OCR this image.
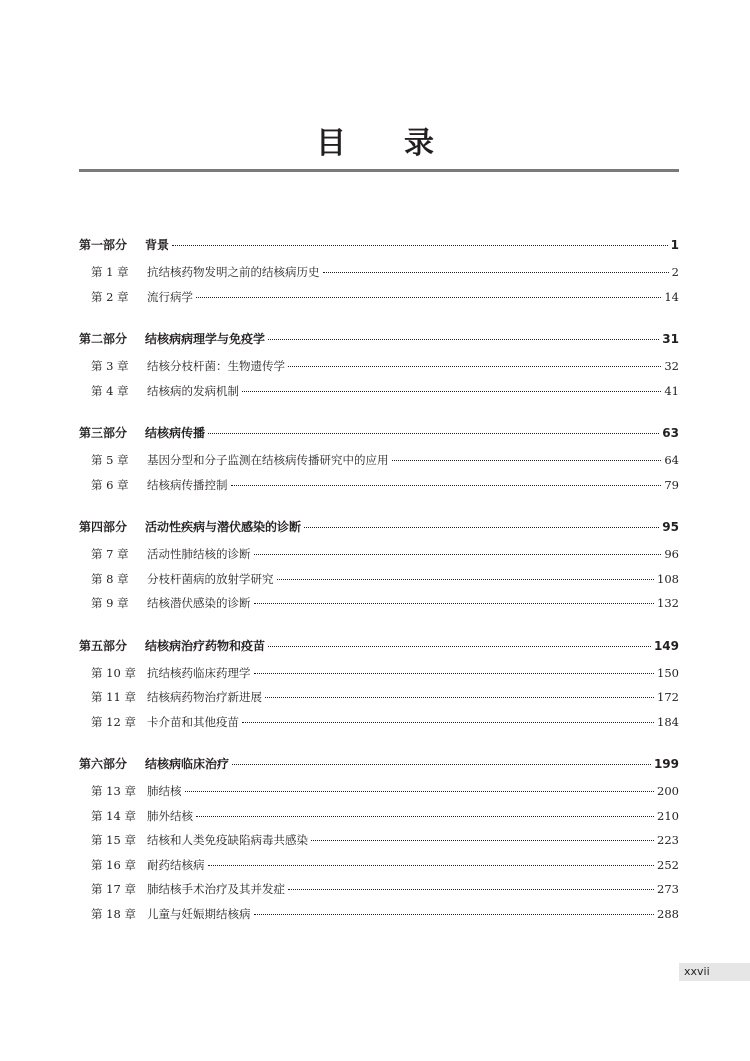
目录
第一部分	背景	1
第 1 章	抗结核药物发明之前的结核病历史	2
第 2 章	流行病学	14
第二部分	结核病病理学与免疫学	31
第 3 章	结核分枝杆菌：生物遗传学	32
第 4 章	结核病的发病机制	41
第三部分	结核病传播	63
第 5 章	基因分型和分子监测在结核病传播研究中的应用	64
第 6 章	结核病传播控制	79
第四部分	活动性疾病与潜伏感染的诊断	95
第 7 章	活动性肺结核的诊断	96
第 8 章	分枝杆菌病的放射学研究	108
第 9 章	结核潜伏感染的诊断	132
第五部分	结核病治疗药物和疫苗	149
第 10 章 抗结核药临床药理学	150
第 11 章 结核病药物治疗新进展	172
第 12 章 卡介苗和其他疫苗	184
第六部分	结核病临床治疗	199
第 13 章 肺结核	200
第 14 章 肺外结核	210
第 15 章 结核和人类免疫缺陷病毒共感染	223
第 16 章 耐药结核病	252
第 17 章 肺结核手术治疗及其并发症	273
第 18 章 儿童与妊娠期结核病	288
xxvii
